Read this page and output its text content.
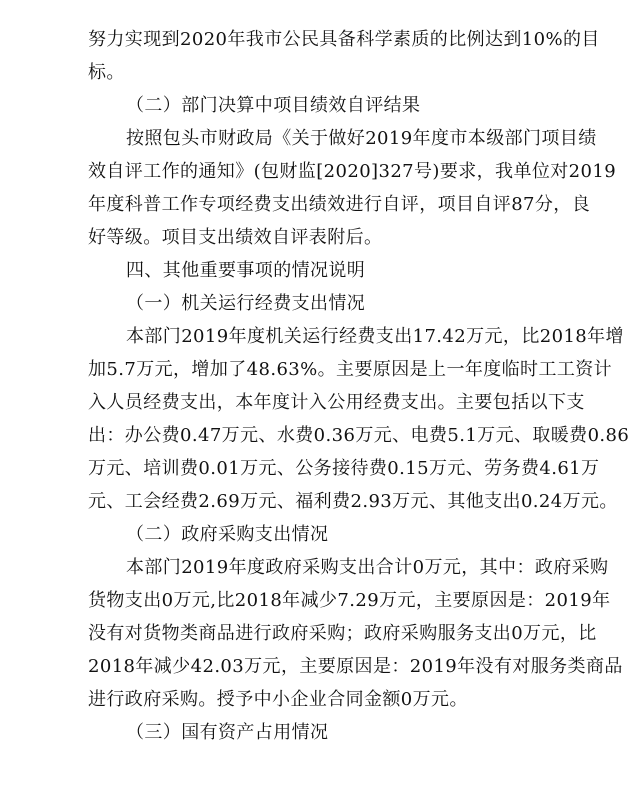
努力实现到2020年我市公民具备科学素质的比例达到10%的目
标。
（二）部门决算中项目绩效自评结果
按照包头市财政局《关于做好2019年度市本级部门项目绩
效自评工作的通知》(包财监[2020]327号)要求，我单位对2019
年度科普工作专项经费支出绩效进行自评，项目自评87分，良
好等级。项目支出绩效自评表附后。
四、其他重要事项的情况说明
（一）机关运行经费支出情况
本部门2019年度机关运行经费支出17.42万元，比2018年增
加5.7万元，增加了48.63%。主要原因是上一年度临时工工资计
入人员经费支出，本年度计入公用经费支出。主要包括以下支
出：办公费0.47万元、水费0.36万元、电费5.1万元、取暖费0.86
万元、培训费0.01万元、公务接待费0.15万元、劳务费4.61万
元、工会经费2.69万元、福利费2.93万元、其他支出0.24万元。
（二）政府采购支出情况
本部门2019年度政府采购支出合计0万元，其中：政府采购
货物支出0万元,比2018年减少7.29万元，主要原因是：2019年
没有对货物类商品进行政府采购；政府采购服务支出0万元，比
2018年减少42.03万元，主要原因是：2019年没有对服务类商品
进行政府采购。授予中小企业合同金额0万元。
（三）国有资产占用情况
